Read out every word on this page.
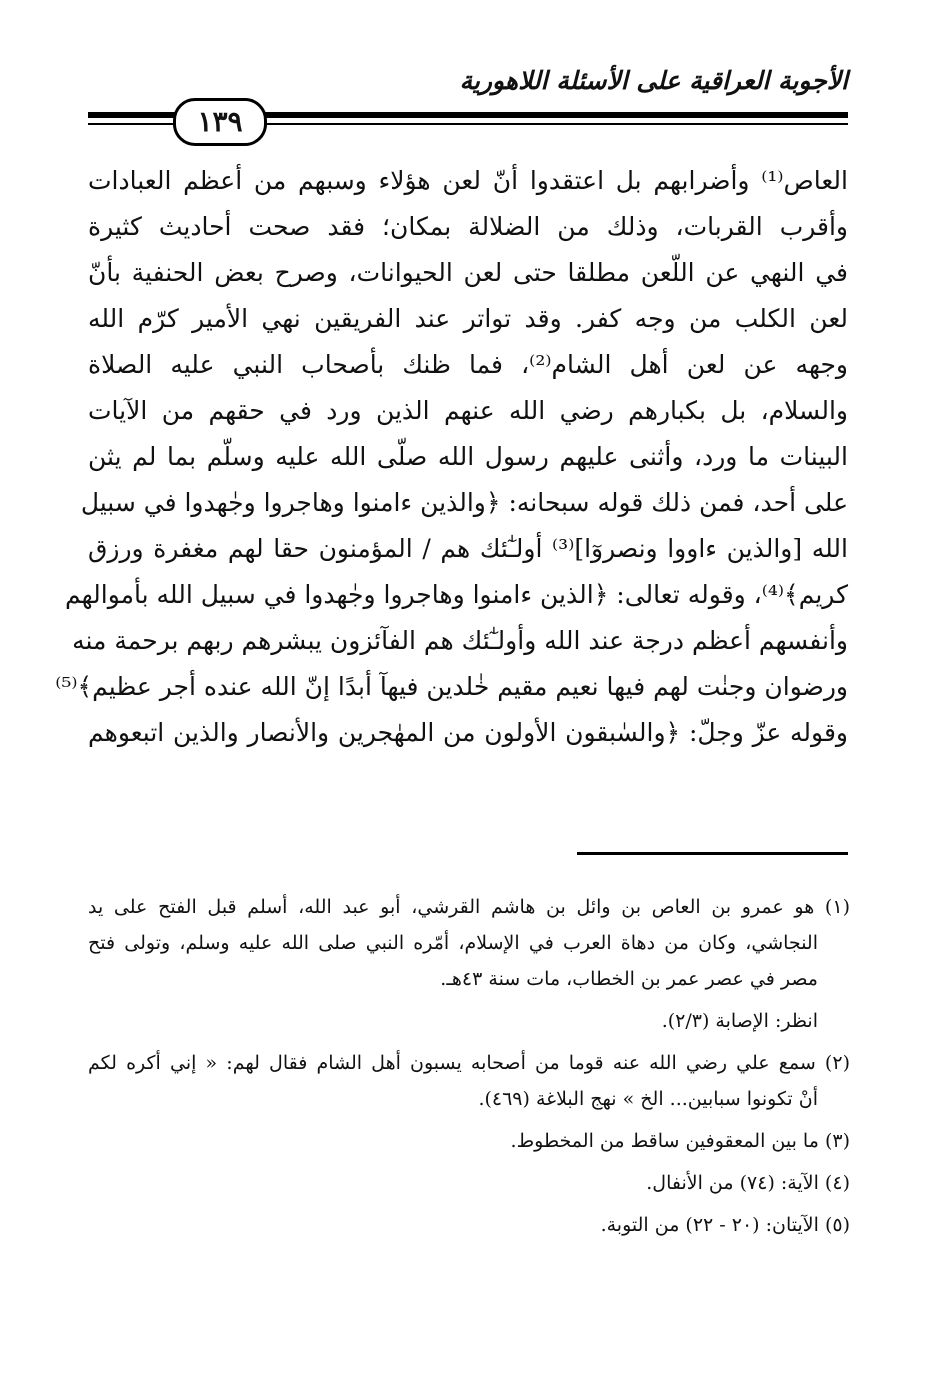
الأجوبة العراقية على الأسئلة اللاهورية
١٣٩
العاص⁽¹⁾ وأضرابهم بل اعتقدوا أنّ لعن هؤلاء وسبهم من أعظم العبادات
وأقرب القربات، وذلك من الضلالة بمكان؛ فقد صحت أحاديث كثيرة
في النهي عن اللّعن مطلقا حتى لعن الحيوانات، وصرح بعض الحنفية بأنّ
لعن الكلب من وجه كفر. وقد تواتر عند الفريقين نهي الأمير كرّم الله
وجهه عن لعن أهل الشام⁽²⁾، فما ظنك بأصحاب النبي عليه الصلاة
والسلام، بل بكبارهم رضي الله عنهم الذين ورد في حقهم من الآيات
البينات ما ورد، وأثنى عليهم رسول الله صلّى الله عليه وسلّم بما لم يثن
على أحد، فمن ذلك قوله سبحانه: ﴿والذين ءامنوا وهاجروا وجٰهدوا في سبيل
الله [والذين ءاووا ونصروٓا]⁽³⁾ أولـٰٓئك هم / المؤمنون حقا لهم مغفرة ورزق
كريم﴾⁽⁴⁾، وقوله تعالى: ﴿الذين ءامنوا وهاجروا وجٰهدوا في سبيل الله بأموالهم
وأنفسهم أعظم درجة عند الله وأولـٰٓئك هم الفآئزون يبشرهم ربهم برحمة منه
ورضوان وجنٰت لهم فيها نعيم مقيم خٰلدين فيهآ أبدًا إنّ الله عنده أجر عظيم﴾⁽⁵⁾
وقوله عزّ وجلّ: ﴿والسٰبقون الأولون من المهٰجرين والأنصار والذين اتبعوهم
(١) هو عمرو بن العاص بن وائل بن هاشم القرشي، أبو عبد الله، أسلم قبل الفتح على يد
النجاشي، وكان من دهاة العرب في الإسلام، أمّره النبي صلى الله عليه وسلم، وتولى فتح
مصر في عصر عمر بن الخطاب، مات سنة ٤٣هـ.
انظر: الإصابة (٢/٣).
(٢) سمع علي رضي الله عنه قوما من أصحابه يسبون أهل الشام فقال لهم: « إني أكره لكم
أنْ تكونوا سبابين... الخ » نهج البلاغة (٤٦٩).
(٣) ما بين المعقوفين ساقط من المخطوط.
(٤) الآية: (٧٤) من الأنفال.
(٥) الآيتان: (٢٠ - ٢٢) من التوبة.
